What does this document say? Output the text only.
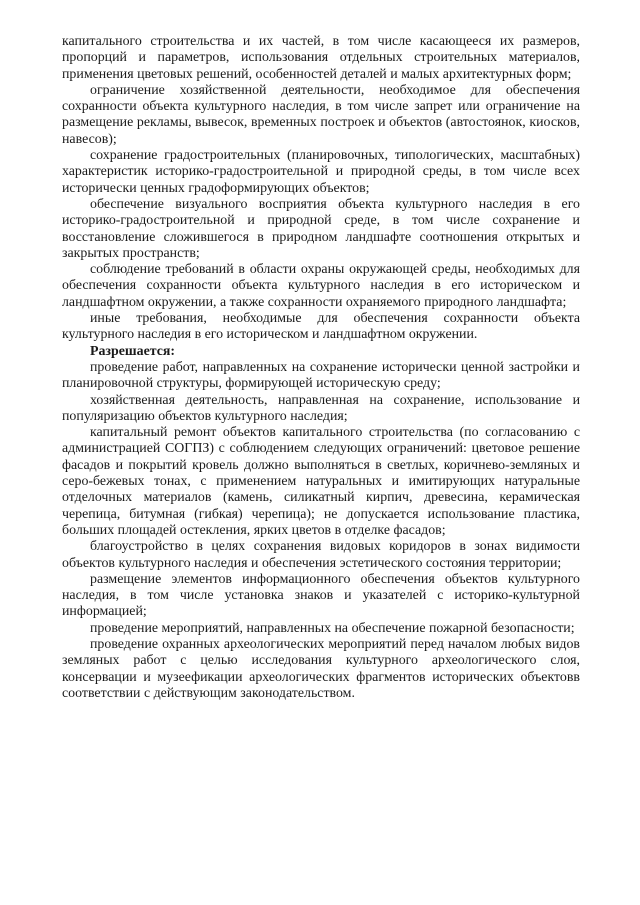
капитального строительства и их частей, в том числе касающееся их размеров, пропорций и параметров, использования отдельных строительных материалов, применения цветовых решений, особенностей деталей и малых архитектурных форм;

ограничение хозяйственной деятельности, необходимое для обеспечения сохранности объекта культурного наследия, в том числе запрет или ограничение на размещение рекламы, вывесок, временных построек и объектов (автостоянок, киосков, навесов);

сохранение градостроительных (планировочных, типологических, масштабных) характеристик историко-градостроительной и природной среды, в том числе всех исторически ценных градоформирующих объектов;

обеспечение визуального восприятия объекта культурного наследия в его историко-градостроительной и природной среде, в том числе сохранение и восстановление сложившегося в природном ландшафте соотношения открытых и закрытых пространств;

соблюдение требований в области охраны окружающей среды, необходимых для обеспечения сохранности объекта культурного наследия в его историческом и ландшафтном окружении, а также сохранности охраняемого природного ландшафта;

иные требования, необходимые для обеспечения сохранности объекта культурного наследия в его историческом и ландшафтном окружении.

Разрешается:

проведение работ, направленных на сохранение исторически ценной застройки и планировочной структуры, формирующей историческую среду;

хозяйственная деятельность, направленная на сохранение, использование и популяризацию объектов культурного наследия;

капитальный ремонт объектов капитального строительства (по согласованию с администрацией СОГПЗ) с соблюдением следующих ограничений: цветовое решение фасадов и покрытий кровель должно выполняться в светлых, коричнево-земляных и серо-бежевых тонах, с применением натуральных и имитирующих натуральные отделочных материалов (камень, силикатный кирпич, древесина, керамическая черепица, битумная (гибкая) черепица); не допускается использование пластика, больших площадей остекления, ярких цветов в отделке фасадов;

благоустройство в целях сохранения видовых коридоров в зонах видимости объектов культурного наследия и обеспечения эстетического состояния территории;

размещение элементов информационного обеспечения объектов культурного наследия, в том числе установка знаков и указателей с историко-культурной информацией;

проведение мероприятий, направленных на обеспечение пожарной безопасности;

проведение охранных археологических мероприятий перед началом любых видов земляных работ с целью исследования культурного археологического слоя, консервации и музеефикации археологических фрагментов исторических объектовв соответствии с действующим законодательством.
